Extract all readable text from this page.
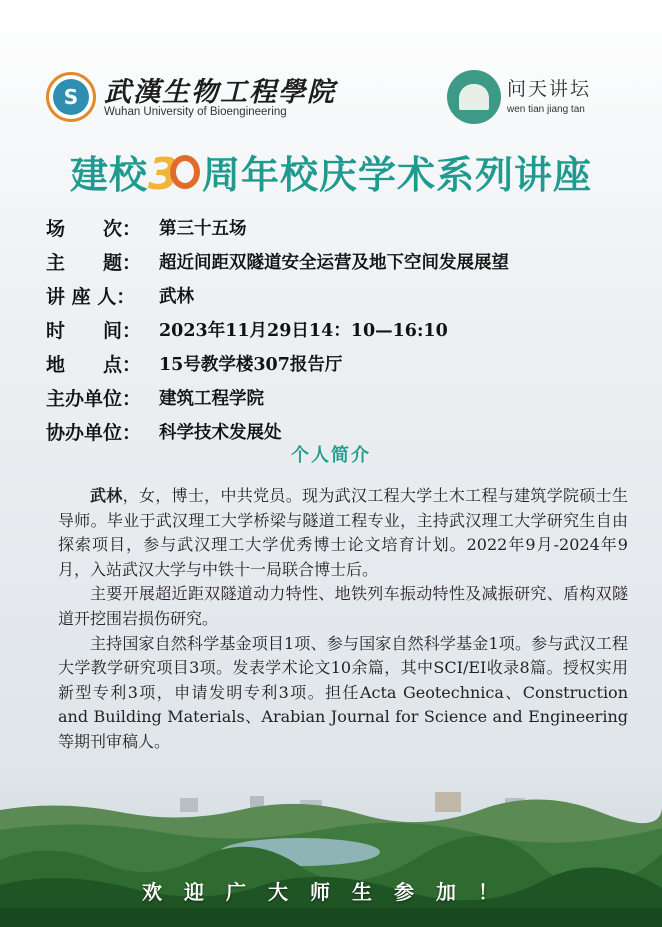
S 武漢生物工程學院
Wuhan University of Bioengineering
问天讲坛
wen tian jiang tan
建校 3 周年校庆学术系列讲座
场　　次：	第三十五场
主　　题：	超近间距双隧道安全运营及地下空间发展展望
讲 座 人：	武林
时　　间：	2023年11月29日14：10—16:10
地　　点：	15号教学楼307报告厅
主办单位：	建筑工程学院
协办单位：	科学技术发展处
个人简介

武林，女，博士，中共党员。现为武汉工程大学土木工程与建筑学院硕士生导师。毕业于武汉理工大学桥梁与隧道工程专业，主持武汉理工大学研究生自由探索项目，参与武汉理工大学优秀博士论文培育计划。2022年9月-2024年9月，入站武汉大学与中铁十一局联合博士后。

主要开展超近距双隧道动力特性、地铁列车振动特性及减振研究、盾构双隧道开挖围岩损伤研究。

主持国家自然科学基金项目1项、参与国家自然科学基金1项。参与武汉工程大学教学研究项目3项。发表学术论文10余篇，其中SCI/EI收录8篇。授权实用新型专利3项，申请发明专利3项。担任Acta Geotechnica、Construction and Building Materials、Arabian Journal for Science and Engineering等期刊审稿人。

欢迎广大师生参加！
